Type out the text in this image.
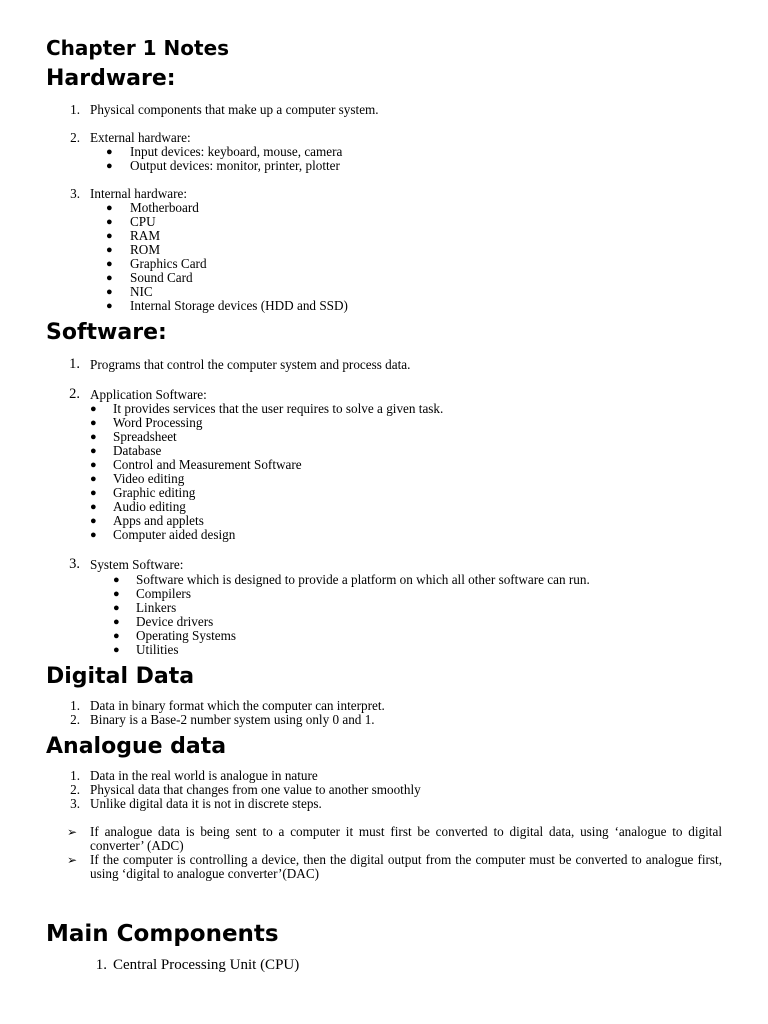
Chapter 1 Notes
Hardware:
1. Physical components that make up a computer system.
2. External hardware:
● Input devices: keyboard, mouse, camera
● Output devices: monitor, printer, plotter
3. Internal hardware:
● Motherboard
● CPU
● RAM
● ROM
● Graphics Card
● Sound Card
● NIC
● Internal Storage devices (HDD and SSD)
Software:
1. Programs that control the computer system and process data.
2. Application Software:
● It provides services that the user requires to solve a given task.
● Word Processing
● Spreadsheet
● Database
● Control and Measurement Software
● Video editing
● Graphic editing
● Audio editing
● Apps and applets
● Computer aided design
3. System Software:
● Software which is designed to provide a platform on which all other software can run.
● Compilers
● Linkers
● Device drivers
● Operating Systems
● Utilities
Digital Data
1. Data in binary format which the computer can interpret.
2. Binary is a Base-2 number system using only 0 and 1.
Analogue data
1. Data in the real world is analogue in nature
2. Physical data that changes from one value to another smoothly
3. Unlike digital data it is not in discrete steps.
➢ If analogue data is being sent to a computer it must first be converted to digital data, using ‘analogue to digital converter’ (ADC)
➢ If the computer is controlling a device, then the digital output from the computer must be converted to analogue first, using ‘digital to analogue converter’(DAC)
Main Components
1. Central Processing Unit (CPU)
